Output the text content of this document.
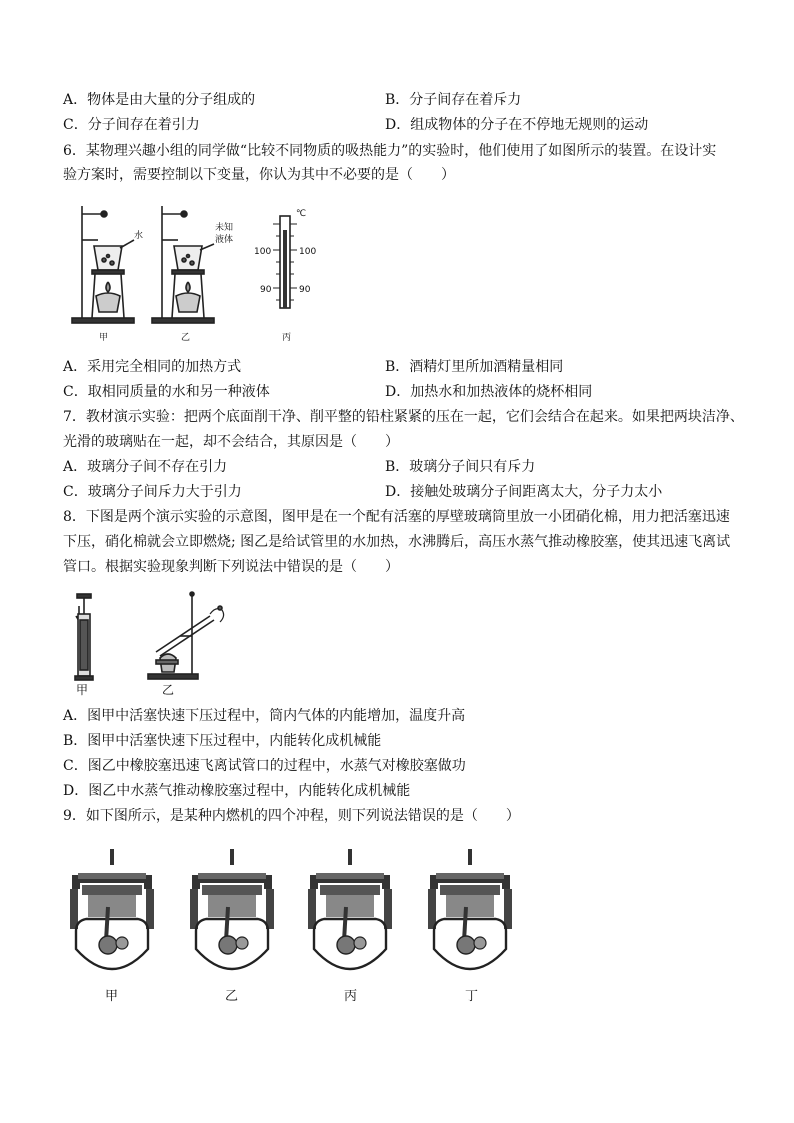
A．物体是由大量的分子组成的	B．分子间存在着斥力
C．分子间存在着引力	D．组成物体的分子在不停地无规则的运动
6．某物理兴趣小组的同学做“比较不同物质的吸热能力”的实验时，他们使用了如图所示的装置。在设计实
验方案时，需要控制以下变量，你认为其中不必要的是（　　）
水
未知
液体
℃
100	100
90	90
甲	乙	丙
A．采用完全相同的加热方式	B．酒精灯里所加酒精量相同
C．取相同质量的水和另一种液体	D．加热水和加热液体的烧杯相同
7．教材演示实验：把两个底面削干净、削平整的铅柱紧紧的压在一起，它们会结合在起来。如果把两块洁净、
光滑的玻璃贴在一起，却不会结合，其原因是（　　）
A．玻璃分子间不存在引力	B．玻璃分子间只有斥力
C．玻璃分子间斥力大于引力	D．接触处玻璃分子间距离太大，分子力太小
8．下图是两个演示实验的示意图，图甲是在一个配有活塞的厚壁玻璃筒里放一小团硝化棉，用力把活塞迅速
下压，硝化棉就会立即燃烧; 图乙是给试管里的水加热，水沸腾后，高压水蒸气推动橡胶塞，使其迅速飞离试
管口。根据实验现象判断下列说法中错误的是（　　）
甲	乙
A．图甲中活塞快速下压过程中，筒内气体的内能增加，温度升高
B．图甲中活塞快速下压过程中，内能转化成机械能
C．图乙中橡胶塞迅速飞离试管口的过程中，水蒸气对橡胶塞做功
D．图乙中水蒸气推动橡胶塞过程中，内能转化成机械能
9．如下图所示，是某种内燃机的四个冲程，则下列说法错误的是（　　）
甲	乙	丙	丁
